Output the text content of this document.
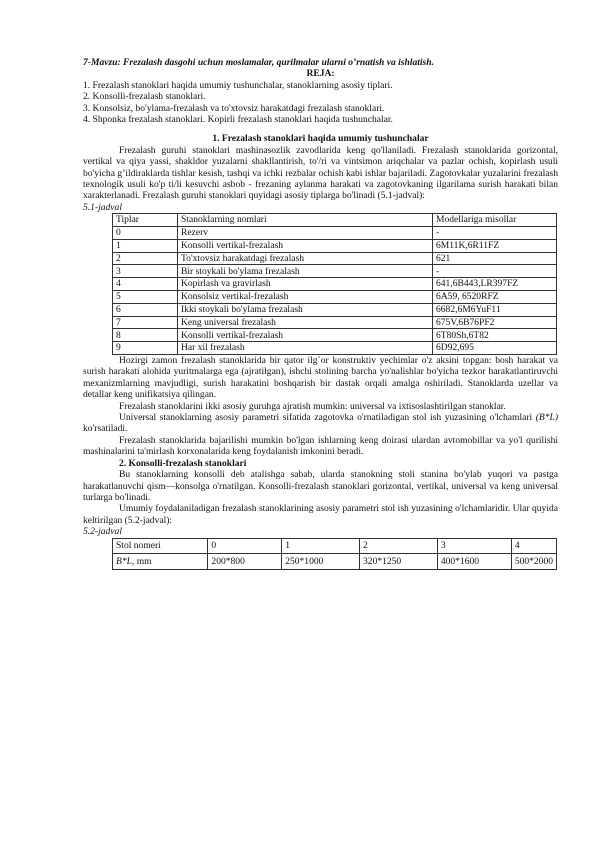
7-Mavzu: Frezalash dasgohi uchun moslamalar, qurilmalar ularni o’rnatish va ishlatish.

REJA:

1. Frezalash stanoklari haqida umumiy tushunchalar, stanoklarning asosiy tiplari.
2. Konsolli-frezalash stanoklari.
3. Konsolsiz, bo'ylama-frezalash va to'xtovsiz harakatdagi frezalash stanoklari.
4. Shponka frezalash stanoklari. Kopirli frezalash stanoklari haqida tushunchalar.

1. Frezalash stanoklari haqida umumiy tushunchalar

Frezalash guruhi stanoklari mashinasozlik zavodlarida keng qo'llaniladi. Frezalash stanoklarida gorizontal, vertikal va qiya yassi, shakldor yuzalarni shakllantirish, to'/ri va vintsimon ariqchalar va pazlar ochish, kopirlash usuli bo'yicha g’ildiraklarda tishlar kesish, tashqi va ichki rezbalar ochish kabi ishlar bajariladi. Zagotovkalar yuzalarini frezalash texnologik usuli ko'p ti/li kesuvchi asbob - frezaning aylanma harakati va zagotovkaning ilgarilama surish harakati bilan xarakterlanadi. Frezalash guruhi stanoklari quyidagi asosiy tiplarga bo'linadi (5.1-jadval):

5.1-jadval

Tiplar	Stanoklarning nomlari	Modellariga misollar
0	Rezerv	-
1	Konsolli vertikal-frezalash	6M11K,6R11FZ
2	To'xtovsiz harakatdagi frezalash	621
3	Bir stoykali bo'ylama frezalash	-
4	Kopirlash va gravirlash	641,6B443,LR397FZ
5	Konsolsiz vertikal-frezalash	6A59, 6520RFZ
6	Ikki stoykali bo'ylama frezalash	6682,6M6YuF11
7	Keng universal frezalash	675V,6B76PF2
8	Konsolli vertikal-frezalash	6T80Sh,6T82
9	Har xil frezalash	6D92,695

Hozirgi zamon frezalash stanoklarida bir qator ilg`or konstruktiv yechimlar o'z aksini topgan: bosh harakat va surish harakati alohida yuritmalarga ega (ajratilgan), ishchi stolining barcha yo'nalishlar bo'yicha tezkor harakatlantiruvchi mexanizmlarning mavjudligi, surish harakatini boshqarish bir dastak orqali amalga oshiriladi. Stanoklarda uzellar va detallar keng unifikatsiya qilingan.

Frezalash stanoklarini ikki asosiy guruhga ajratish mumkin: universal va ixtisoslashtirilgan stanoklar.

Universal stanoklarning asosiy parametri sifatida zagotovka o'rnatiladigan stol ish yuzasining o'lchamlari (B*L) ko'rsatiladi.

Frezalash stanoklarida bajarilishi mumkin bo'lgan ishlarning keng doirasi ulardan avtomobillar va yo'l qurilishi mashinalarini ta'mirlash korxonalarida keng foydalanish imkonini beradi.

2. Konsolli-frezalash stanoklari

Bu stanoklarning konsolli deb atalishga sabab, ularda stanokning stoli stanina bo'ylab yuqori va pastga harakatlanuvchi qism—konsolga o'rnatilgan. Konsolli-frezalash stanoklari gorizontal, vertikal, universal va keng universal turlarga bo'linadi.

Umumiy foydalaniladigan frezalash stanoklarining asosiy parametri stol ish yuzasining o'lchamlaridir. Ular quyida keltirilgan (5.2-jadval):

5.2-jadval

Stol nomeri	0	1	2	3	4
B*L, mm	200*800	250*1000	320*1250	400*1600	500*2000
